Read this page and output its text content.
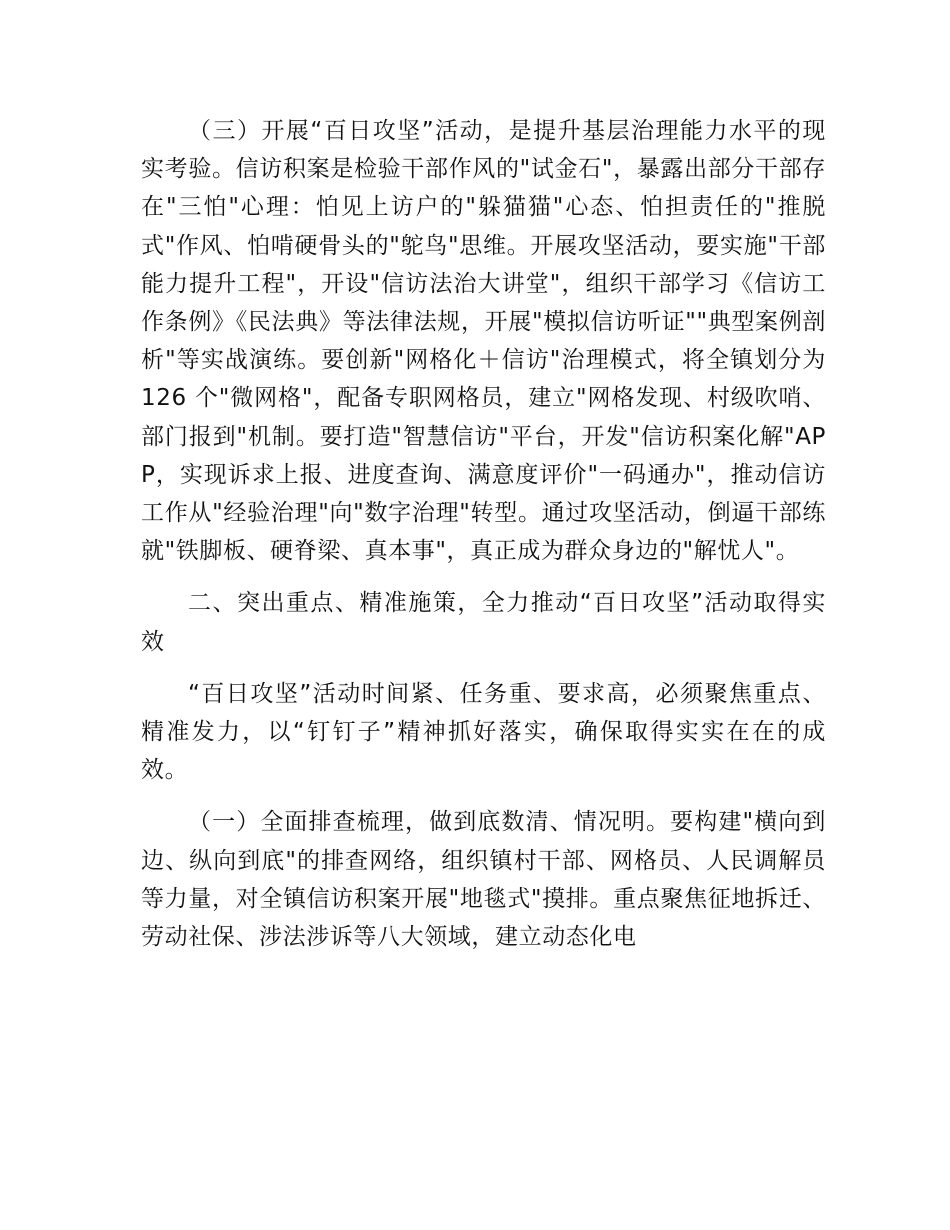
（三）开展“百日攻坚”活动，是提升基层治理能力水平的现实考验。信访积案是检验干部作风的"试金石"，暴露出部分干部存在"三怕"心理：怕见上访户的"躲猫猫"心态、怕担责任的"推脱式"作风、怕啃硬骨头的"鸵鸟"思维。开展攻坚活动，要实施"干部能力提升工程"，开设"信访法治大讲堂"，组织干部学习《信访工作条例》《民法典》等法律法规，开展"模拟信访听证""典型案例剖析"等实战演练。要创新"网格化＋信访"治理模式，将全镇划分为 126 个"微网格"，配备专职网格员，建立"网格发现、村级吹哨、部门报到"机制。要打造"智慧信访"平台，开发"信访积案化解"APP，实现诉求上报、进度查询、满意度评价"一码通办"，推动信访工作从"经验治理"向"数字治理"转型。通过攻坚活动，倒逼干部练就"铁脚板、硬脊梁、真本事"，真正成为群众身边的"解忧人"。

二、突出重点、精准施策，全力推动“百日攻坚”活动取得实效

“百日攻坚”活动时间紧、任务重、要求高，必须聚焦重点、精准发力，以“钉钉子”精神抓好落实，确保取得实实在在的成效。

（一）全面排查梳理，做到底数清、情况明。要构建"横向到边、纵向到底"的排查网络，组织镇村干部、网格员、人民调解员等力量，对全镇信访积案开展"地毯式"摸排。重点聚焦征地拆迁、劳动社保、涉法涉诉等八大领域，建立动态化电
